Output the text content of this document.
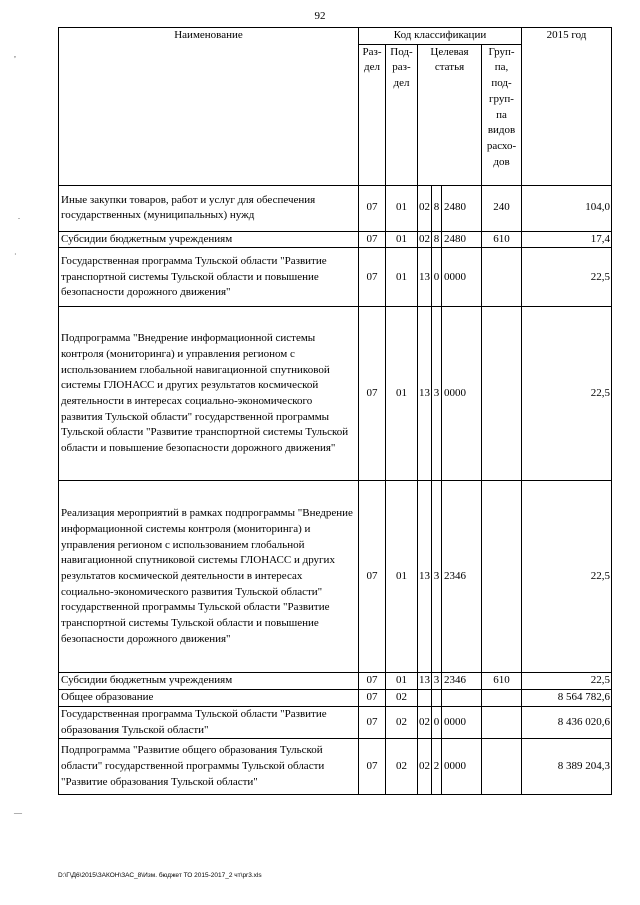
92
Наименование	Код классификации						2015 год
	Раз- дел	Под- раз- дел	Целевая статья			Груп- па, под- груп- па видов расхо- дов	
Иные закупки товаров, работ и услуг для обеспечения государственных (муниципальных) нужд	07	01	02	8	2480	240	104,0
Субсидии бюджетным учреждениям	07	01	02	8	2480	610	17,4
Государственная программа Тульской области "Развитие транспортной системы Тульской области и повышение безопасности дорожного движения"	07	01	13	0	0000		22,5
Подпрограмма "Внедрение информационной системы контроля (мониторинга) и управления регионом с использованием глобальной навигационной спутниковой системы ГЛОНАСС и других результатов космической деятельности в интересах социально-экономического развития Тульской области" государственной программы Тульской области "Развитие транспортной системы Тульской области и повышение безопасности дорожного движения"	07	01	13	3	0000		22,5
Реализация мероприятий в рамках подпрограммы "Внедрение информационной системы контроля (мониторинга) и управления регионом с использованием глобальной навигационной спутниковой системы ГЛОНАСС и других результатов космической деятельности в интересах социально-экономического развития Тульской области" государственной программы Тульской области "Развитие транспортной системы Тульской области и повышение безопасности дорожного движения"	07	01	13	3	2346		22,5
Субсидии бюджетным учреждениям	07	01	13	3	2346	610	22,5
Общее образование	07	02					8 564 782,6
Государственная программа Тульской области "Развитие образования Тульской области"	07	02	02	0	0000		8 436 020,6
Подпрограмма "Развитие общего образования Тульской области" государственной программы Тульской области "Развитие образования Тульской области"	07	02	02	2	0000		8 389 204,3
D:\Г\Д6\2015\ЗАКОН\ЗАС_8\Изм. бюджет ТО 2015-2017_2 чт\pr3.xls
,
.
·
—
